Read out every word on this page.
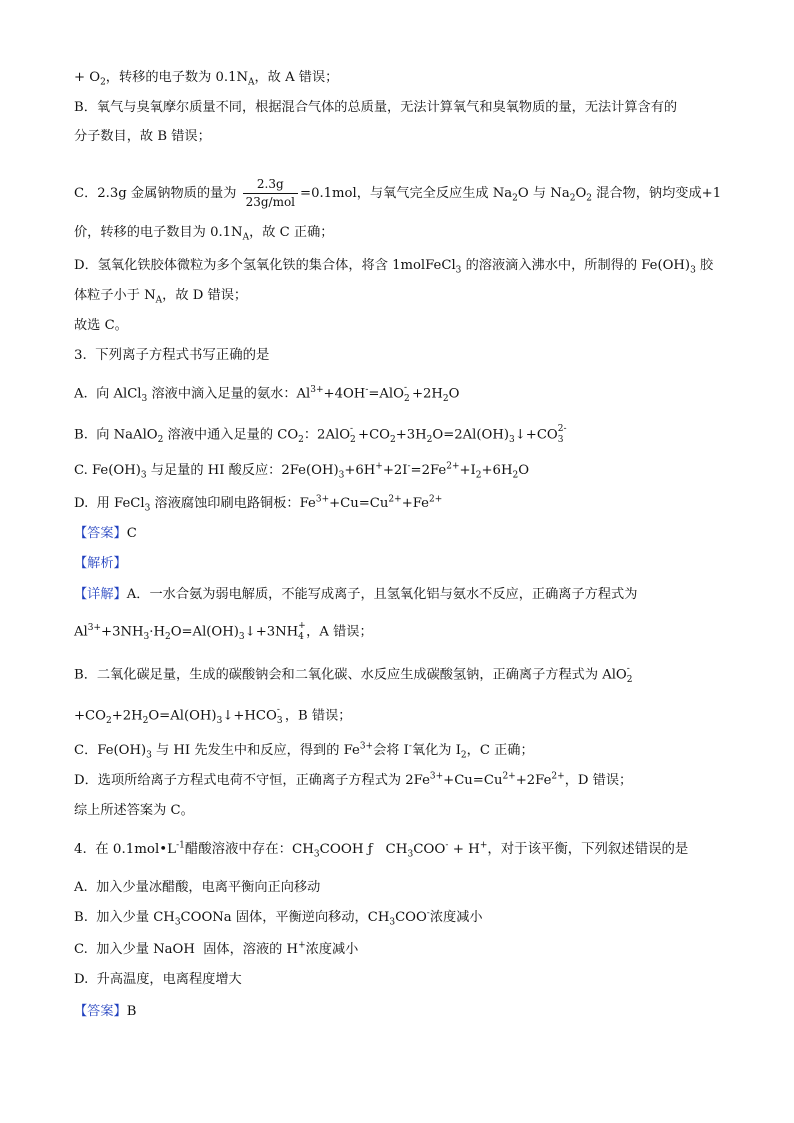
+ $O_2$，转移的电子数为 $0.1N_A$，故 A 错误；
B．氧气与臭氧摩尔质量不同，根据混合气体的总质量，无法计算氧气和臭氧物质的量，无法计算含有的
分子数目，故 B 错误；
C．2.3g 金属钠物质的量为 $\frac{2.3g}{\text{23g/mol}} =0.1mol$，与氧气完全反应生成 $Na_2O$ 与 $Na_2O_2$ 混合物，钠均变成+1
价，转移的电子数目为 $0.1N_A$，故 C 正确；
D．氢氧化铁胶体微粒为多个氢氧化铁的集合体，将含 1molFeCl$_3$ 的溶液滴入沸水中，所制得的 $Fe(OH)_3$ 胶
体粒子小于 $N_A$，故 D 错误；
故选 C。
3.  下列离子方程式书写正确的是
A.  向 AlCl$_3$ 溶液中滴入足量的氨水：$Al^{3+}+4OH^-=AlO$ -
$2 +2H_2O$
B.  向 NaAlO$_2$ 溶液中通入足量的 $CO_2$：2AlO -
$2 +CO_2+3H_2O=2Al(OH)_3↓+CO$ 2-
3
C. $Fe(OH)_3$ 与足量的 HI 酸反应：$2Fe(OH)_3+6H^++2I^-=2Fe^{2+}+I_2+6H_2O$
D.  用 FeCl$_3$ 溶液腐蚀印刷电路铜板：$Fe^{3+}+Cu=Cu^{2+}+Fe^{2+}$
【答案】C
【解析】
【详解】A．一水合氨为弱电解质，不能写成离子，且氢氧化铝与氨水不反应，正确离子方程式为
$Al^{3+}+3NH_3\cdot H_2O=Al(OH)_3↓+3NH$ +
4 ，A 错误；
B．二氧化碳足量，生成的碳酸钠会和二氧化碳、水反应生成碳酸氢钠，正确离子方程式为 AlO -
2
$+CO_2+2H_2O=Al(OH)_3↓+HCO$ -
3 ，B 错误；
C．$Fe(OH)_3$ 与 HI 先发生中和反应，得到的 $Fe^{3+}$会将 I-氧化为 $I_2$，C 正确；
D．选项所给离子方程式电荷不守恒，正确离子方程式为 $2Fe^{3+}+Cu=Cu^{2+}+2Fe^{2+}$，D 错误；
综上所述答案为 C。
4.  在 $0.1mol•L^{-1}$醋酸溶液中存在：$CH_3COOH$ ƒ   $CH_3COO^- + H^+$，对于该平衡，下列叙述错误的是
A.  加入少量冰醋酸，电离平衡向正向移动
B.  加入少量 $CH_3COONa$ 固体，平衡逆向移动，$CH_3COO^-$浓度减小
C.  加入少量 NaOH  固体，溶液的 H+浓度减小
D.  升高温度，电离程度增大
【答案】B
